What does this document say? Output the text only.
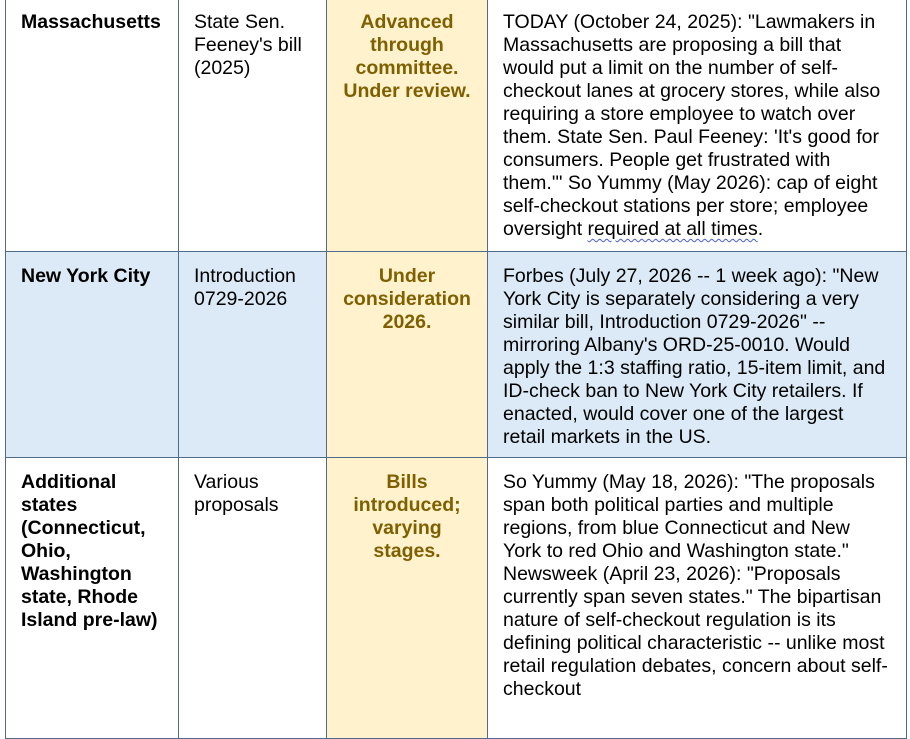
Massachusetts	State Sen. Feeney's bill (2025)	Advanced through committee. Under review.	TODAY (October 24, 2025): "Lawmakers in Massachusetts are proposing a bill that would put a limit on the number of self-checkout lanes at grocery stores, while also requiring a store employee to watch over them. State Sen. Paul Feeney: 'It's good for consumers. People get frustrated with them.'" So Yummy (May 2026): cap of eight self-checkout stations per store; employee oversight required at all times.
New York City	Introduction 0729-2026	Under consideration 2026.	Forbes (July 27, 2026 -- 1 week ago): "New York City is separately considering a very similar bill, Introduction 0729-2026" -- mirroring Albany's ORD-25-0010. Would apply the 1:3 staffing ratio, 15-item limit, and ID-check ban to New York City retailers. If enacted, would cover one of the largest retail markets in the US.
Additional states (Connecticut, Ohio, Washington state, Rhode Island pre-law)	Various proposals	Bills introduced; varying stages.	So Yummy (May 18, 2026): "The proposals span both political parties and multiple regions, from blue Connecticut and New York to red Ohio and Washington state." Newsweek (April 23, 2026): "Proposals currently span seven states." The bipartisan nature of self-checkout regulation is its defining political characteristic -- unlike most retail regulation debates, concern about self-checkout
